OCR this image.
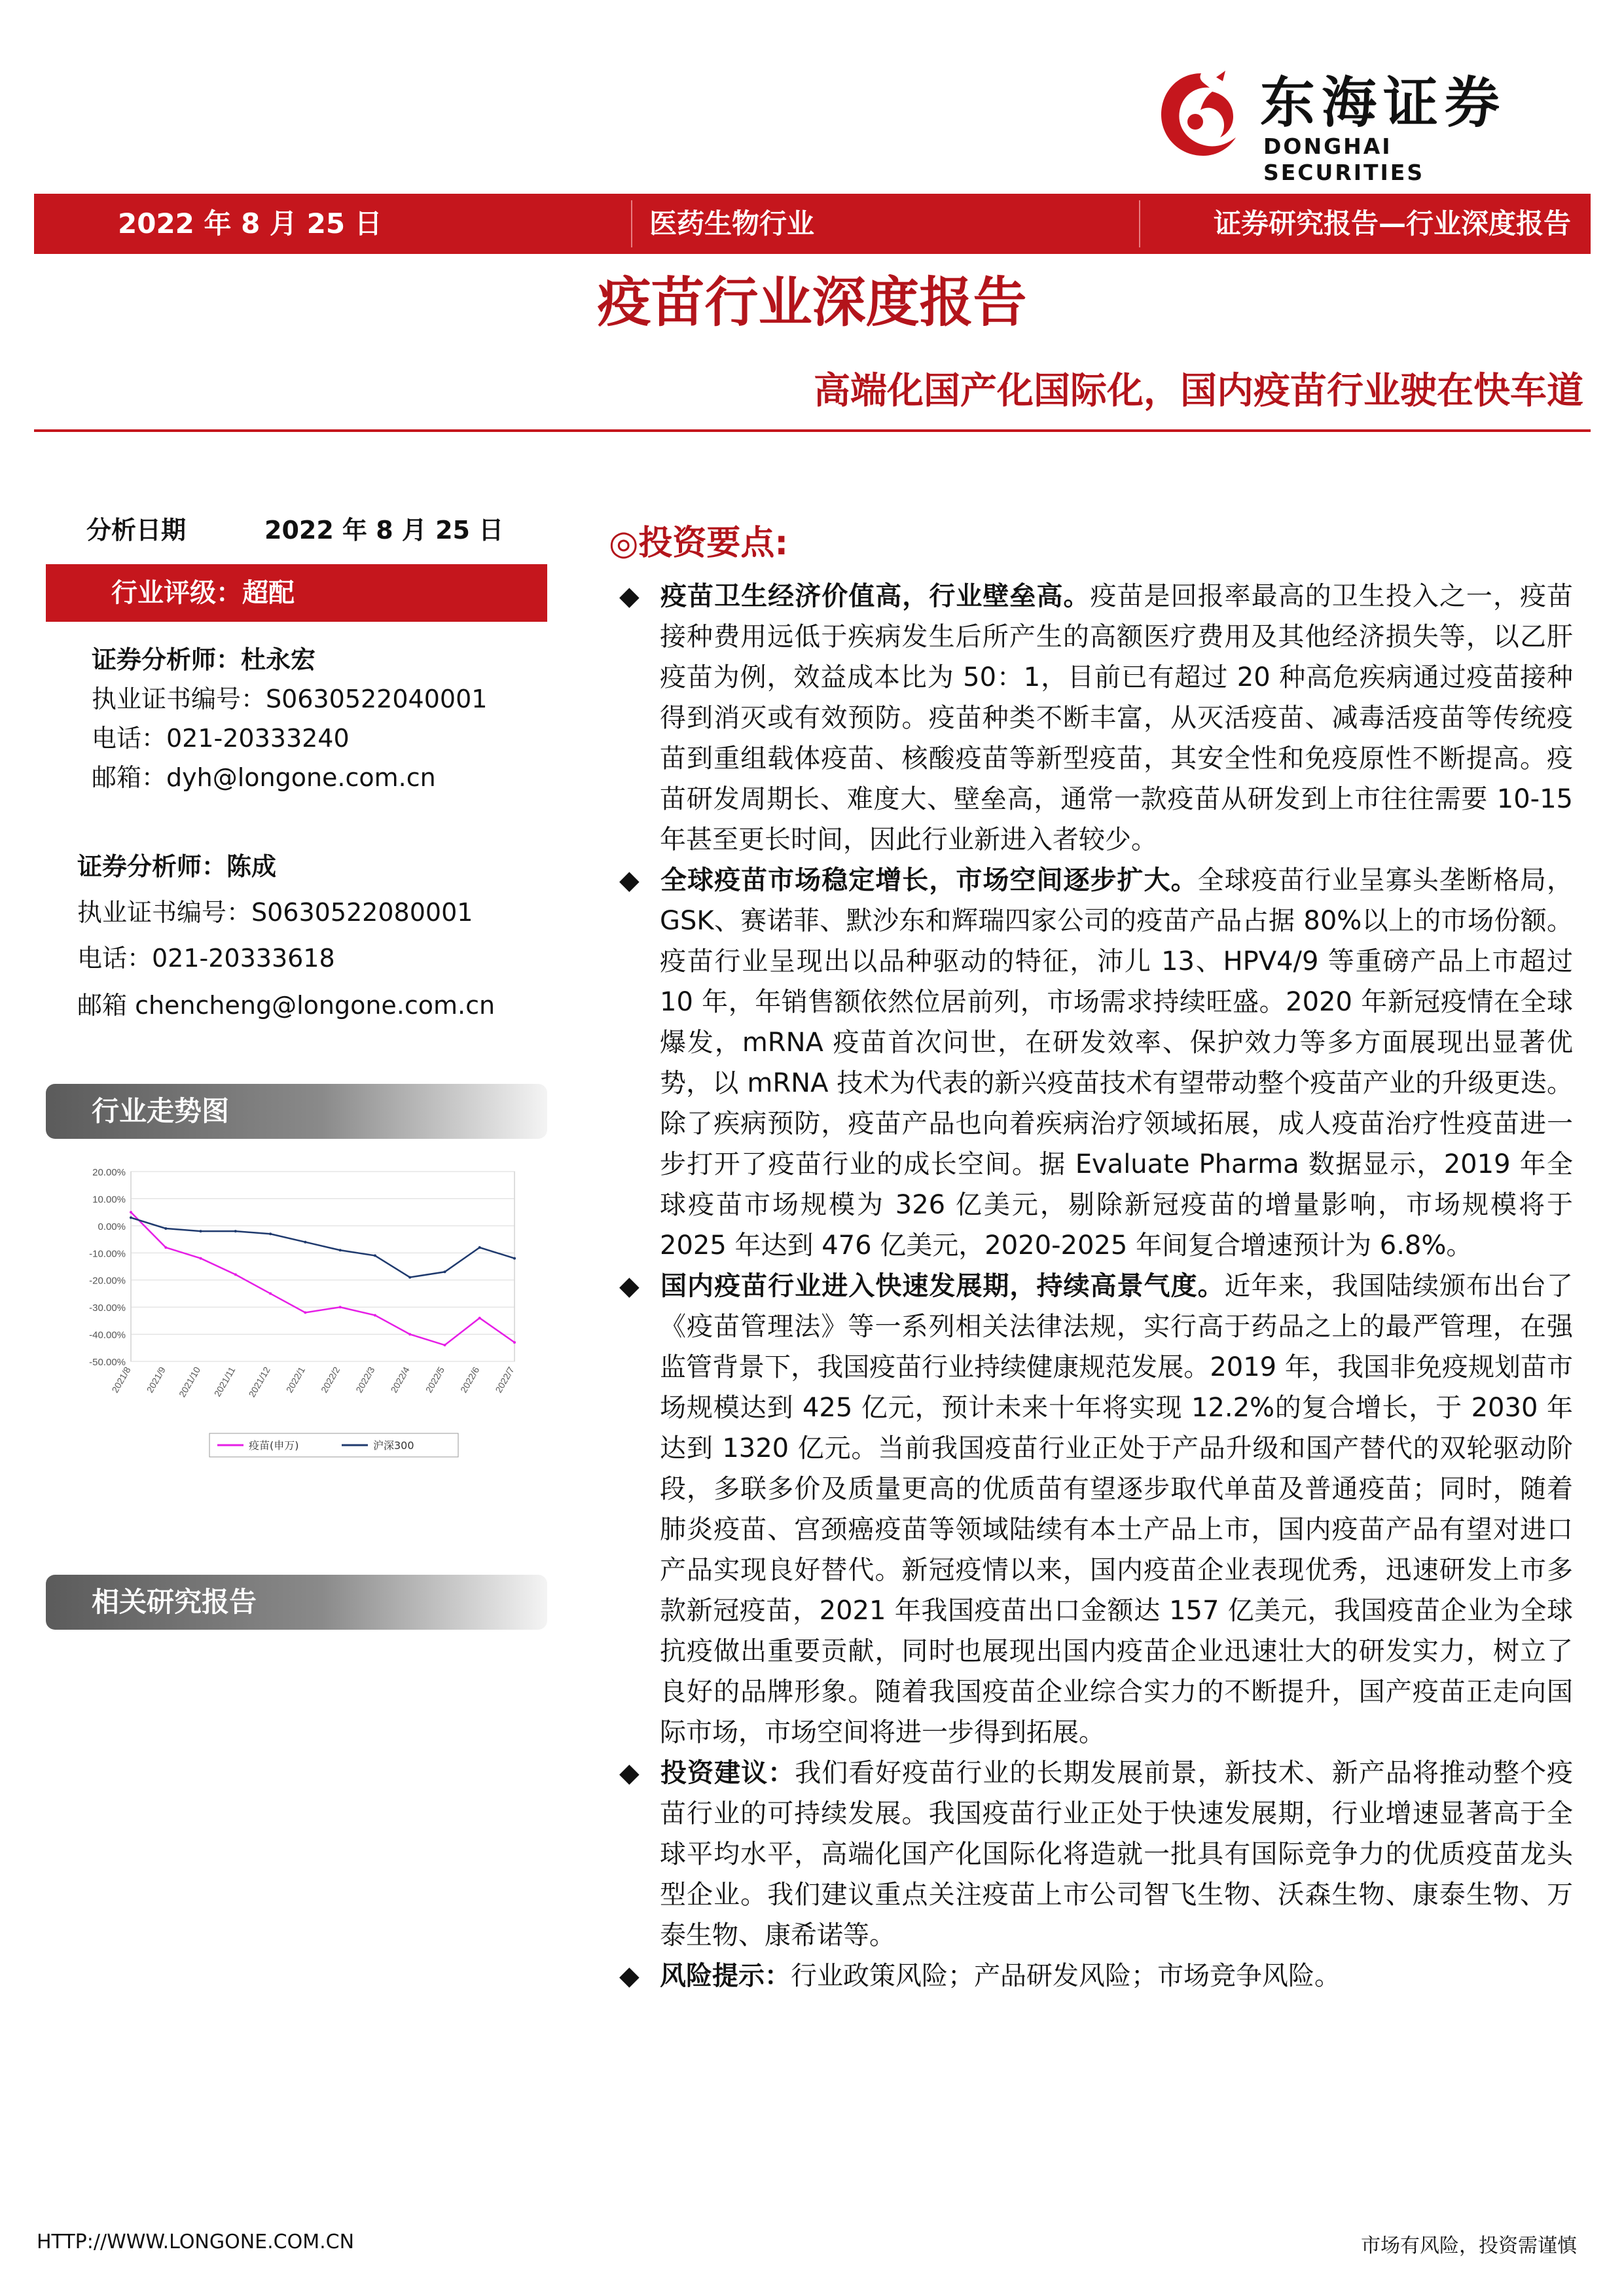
东海证券
DONGHAI SECURITIES
2022 年 8 月 25 日	医药生物行业	证券研究报告—行业深度报告
疫苗行业深度报告
高端化国产化国际化，国内疫苗行业驶在快车道
分析日期	2022 年 8 月 25 日
行业评级：超配
证券分析师：杜永宏
执业证书编号：S0630522040001
电话：021-20333240
邮箱：dyh@longone.com.cn
证券分析师：陈成
执业证书编号：S0630522080001
电话：021-20333618
邮箱 chencheng@longone.com.cn
行业走势图
20.00%
10.00%
0.00%
-10.00%
-20.00%
-30.00%
-40.00%
-50.00%
2021/8 2021/9 2021/10 2021/11 2021/12 2022/1 2022/2 2022/3 2022/4 2022/5 2022/6 2022/7
疫苗(申万)	沪深300
相关研究报告
◎投资要点:

◆ 疫苗卫生经济价值高，行业壁垒高。疫苗是回报率最高的卫生投入之一，疫苗接种费用远低于疾病发生后所产生的高额医疗费用及其他经济损失等，以乙肝疫苗为例，效益成本比为 50：1，目前已有超过 20 种高危疾病通过疫苗接种得到消灭或有效预防。疫苗种类不断丰富，从灭活疫苗、减毒活疫苗等传统疫苗到重组载体疫苗、核酸疫苗等新型疫苗，其安全性和免疫原性不断提高。疫苗研发周期长、难度大、壁垒高，通常一款疫苗从研发到上市往往需要 10-15 年甚至更长时间，因此行业新进入者较少。

◆ 全球疫苗市场稳定增长，市场空间逐步扩大。全球疫苗行业呈寡头垄断格局，GSK、赛诺菲、默沙东和辉瑞四家公司的疫苗产品占据 80%以上的市场份额。疫苗行业呈现出以品种驱动的特征，沛儿 13、HPV4/9 等重磅产品上市超过 10 年，年销售额依然位居前列，市场需求持续旺盛。2020 年新冠疫情在全球爆发，mRNA 疫苗首次问世，在研发效率、保护效力等多方面展现出显著优势，以 mRNA 技术为代表的新兴疫苗技术有望带动整个疫苗产业的升级更迭。除了疾病预防，疫苗产品也向着疾病治疗领域拓展，成人疫苗治疗性疫苗进一步打开了疫苗行业的成长空间。据 Evaluate Pharma 数据显示，2019 年全球疫苗市场规模为 326 亿美元，剔除新冠疫苗的增量影响，市场规模将于 2025 年达到 476 亿美元，2020-2025 年间复合增速预计为 6.8%。

◆ 国内疫苗行业进入快速发展期，持续高景气度。近年来，我国陆续颁布出台了《疫苗管理法》等一系列相关法律法规，实行高于药品之上的最严管理，在强监管背景下，我国疫苗行业持续健康规范发展。2019 年，我国非免疫规划苗市场规模达到 425 亿元，预计未来十年将实现 12.2%的复合增长，于 2030 年达到 1320 亿元。当前我国疫苗行业正处于产品升级和国产替代的双轮驱动阶段，多联多价及质量更高的优质苗有望逐步取代单苗及普通疫苗；同时，随着肺炎疫苗、宫颈癌疫苗等领域陆续有本土产品上市，国内疫苗产品有望对进口产品实现良好替代。新冠疫情以来，国内疫苗企业表现优秀，迅速研发上市多款新冠疫苗，2021 年我国疫苗出口金额达 157 亿美元，我国疫苗企业为全球抗疫做出重要贡献，同时也展现出国内疫苗企业迅速壮大的研发实力，树立了良好的品牌形象。随着我国疫苗企业综合实力的不断提升，国产疫苗正走向国际市场，市场空间将进一步得到拓展。

◆ 投资建议：我们看好疫苗行业的长期发展前景，新技术、新产品将推动整个疫苗行业的可持续发展。我国疫苗行业正处于快速发展期，行业增速显著高于全球平均水平，高端化国产化国际化将造就一批具有国际竞争力的优质疫苗龙头型企业。我们建议重点关注疫苗上市公司智飞生物、沃森生物、康泰生物、万泰生物、康希诺等。

◆ 风险提示：行业政策风险；产品研发风险；市场竞争风险。

HTTP://WWW.LONGONE.COM.CN	市场有风险，投资需谨慎
